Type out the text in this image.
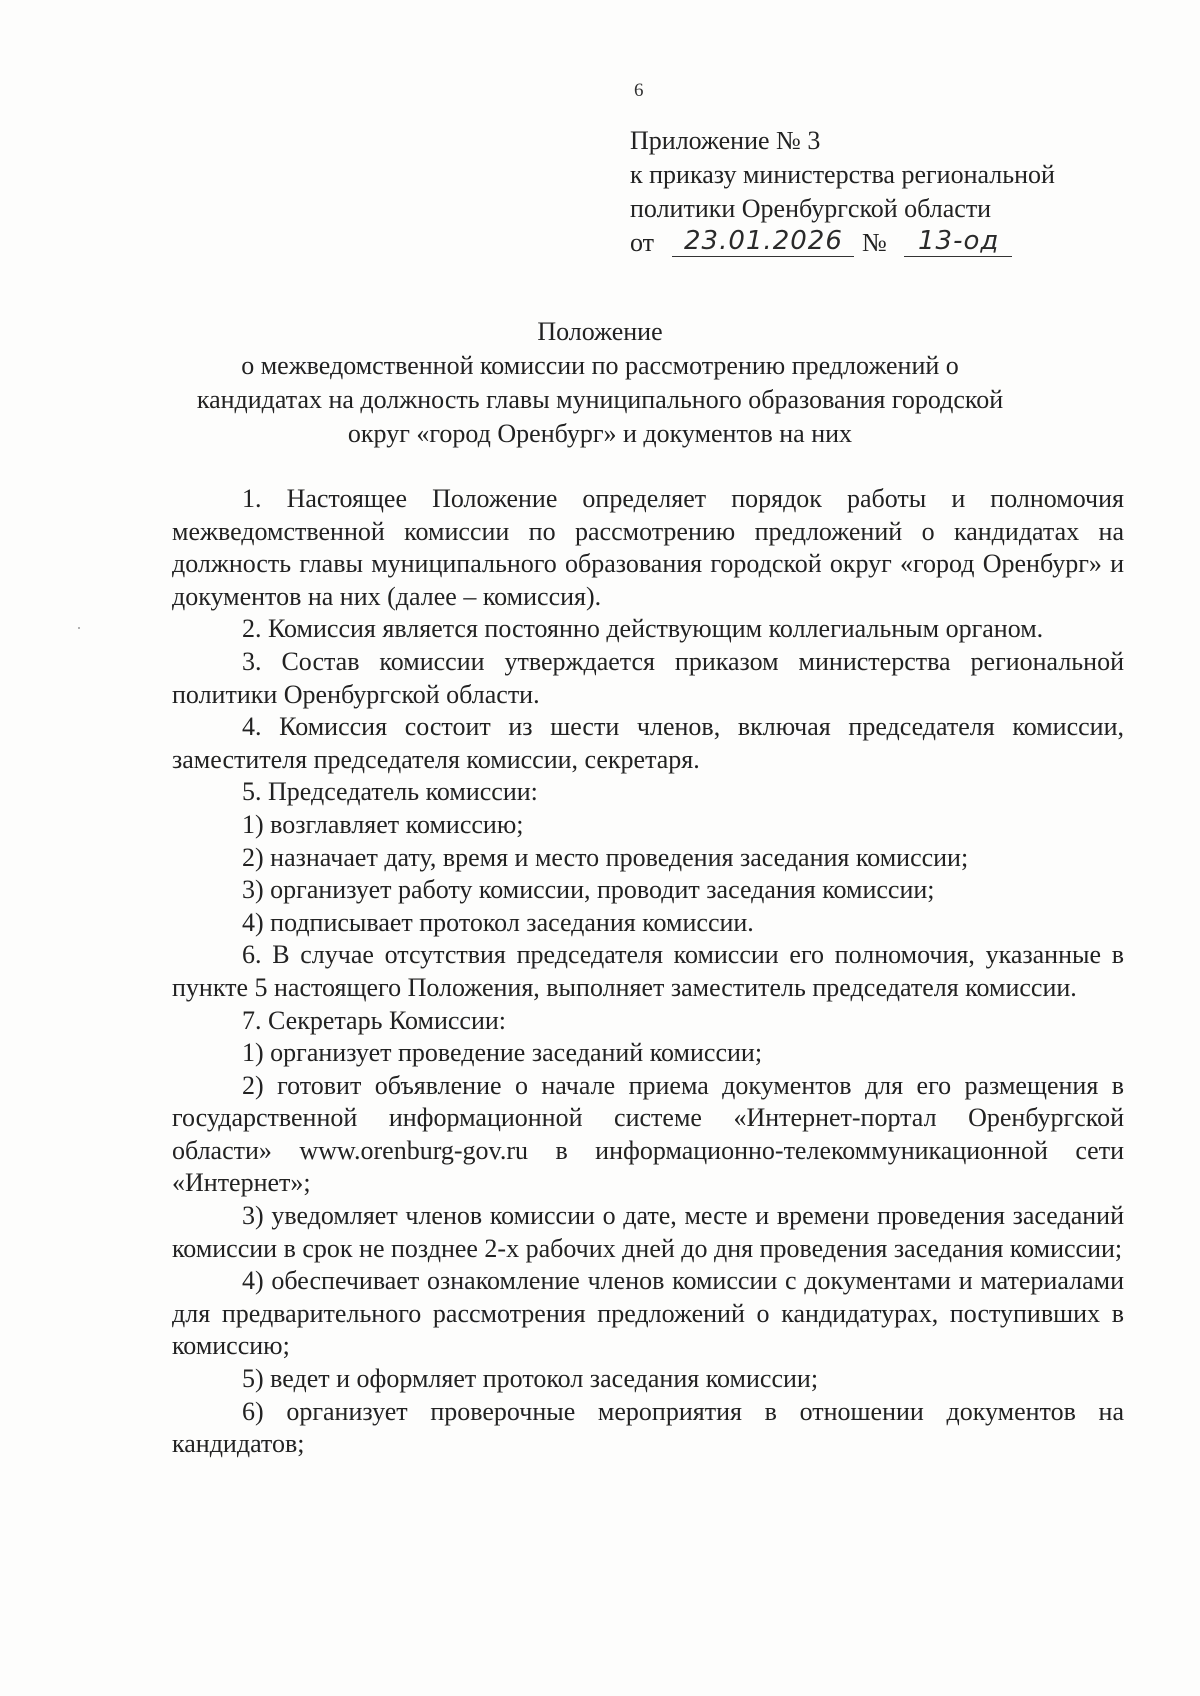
6
Приложение № 3
к приказу министерства региональной
политики Оренбургской области
от 23.01.2026 № 13-од
Положение
о межведомственной комиссии по рассмотрению предложений о
кандидатах на должность главы муниципального образования городской
округ «город Оренбург» и документов на них

1. Настоящее Положение определяет порядок работы и полномочия межведомственной комиссии по рассмотрению предложений о кандидатах на должность главы муниципального образования городской округ «город Оренбург» и документов на них (далее – комиссия).

2. Комиссия является постоянно действующим коллегиальным органом.

3. Состав комиссии утверждается приказом министерства региональной политики Оренбургской области.

4. Комиссия состоит из шести членов, включая председателя комиссии, заместителя председателя комиссии, секретаря.

5. Председатель комиссии:

1) возглавляет комиссию;

2) назначает дату, время и место проведения заседания комиссии;

3) организует работу комиссии, проводит заседания комиссии;

4) подписывает протокол заседания комиссии.

6. В случае отсутствия председателя комиссии его полномочия, указанные в пункте 5 настоящего Положения, выполняет заместитель председателя комиссии.

7. Секретарь Комиссии:

1) организует проведение заседаний комиссии;

2) готовит объявление о начале приема документов для его размещения в государственной информационной системе «Интернет-портал Оренбургской области» www.orenburg-gov.ru в информационно-телекоммуникационной сети «Интернет»;

3) уведомляет членов комиссии о дате, месте и времени проведения заседаний комиссии в срок не позднее 2-х рабочих дней до дня проведения заседания комиссии;

4) обеспечивает ознакомление членов комиссии с документами и материалами для предварительного рассмотрения предложений о кандидатурах, поступивших в комиссию;

5) ведет и оформляет протокол заседания комиссии;

6) организует проверочные мероприятия в отношении документов на кандидатов;
